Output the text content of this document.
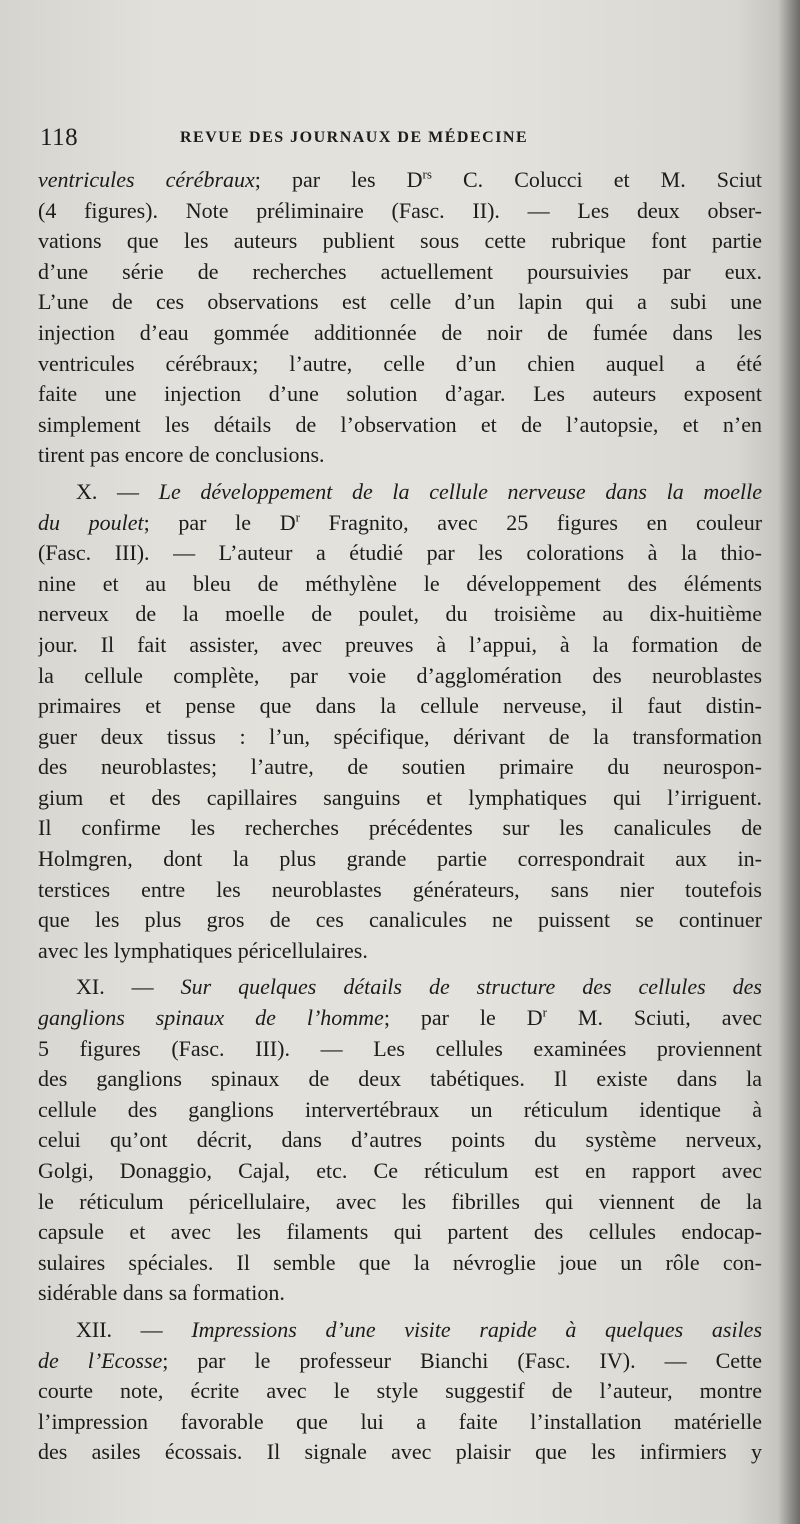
118	REVUE DES JOURNAUX DE MÉDECINE
ventricules cérébraux; par les $D^{rs}$ C. Colucci et M. Sciut
(4 figures). Note préliminaire (Fasc. II). — Les deux obser-
vations que les auteurs publient sous cette rubrique font partie
d’une série de recherches actuellement poursuivies par eux.
L’une de ces observations est celle d’un lapin qui a subi une
injection d’eau gommée additionnée de noir de fumée dans les
ventricules cérébraux; l’autre, celle d’un chien auquel a été
faite une injection d’une solution d’agar. Les auteurs exposent
simplement les détails de l’observation et de l’autopsie, et n’en
tirent pas encore de conclusions.
X. — Le développement de la cellule nerveuse dans la moelle
du poulet; par le $D^r$ Fragnito, avec 25 figures en couleur
(Fasc. III). — L’auteur a étudié par les colorations à la thio-
nine et au bleu de méthylène le développement des éléments
nerveux de la moelle de poulet, du troisième au dix-huitième
jour. Il fait assister, avec preuves à l’appui, à la formation de
la cellule complète, par voie d’agglomération des neuroblastes
primaires et pense que dans la cellule nerveuse, il faut distin-
guer deux tissus : l’un, spécifique, dérivant de la transformation
des neuroblastes; l’autre, de soutien primaire du neurospon-
gium et des capillaires sanguins et lymphatiques qui l’irriguent.
Il confirme les recherches précédentes sur les canalicules de
Holmgren, dont la plus grande partie correspondrait aux in-
terstices entre les neuroblastes générateurs, sans nier toutefois
que les plus gros de ces canalicules ne puissent se continuer
avec les lymphatiques péricellulaires.
XI. — Sur quelques détails de structure des cellules des
ganglions spinaux de l’homme; par le $D^r$ M. Sciuti, avec
5 figures (Fasc. III). — Les cellules examinées proviennent
des ganglions spinaux de deux tabétiques. Il existe dans la
cellule des ganglions intervertébraux un réticulum identique à
celui qu’ont décrit, dans d’autres points du système nerveux,
Golgi, Donaggio, Cajal, etc. Ce réticulum est en rapport avec
le réticulum péricellulaire, avec les fibrilles qui viennent de la
capsule et avec les filaments qui partent des cellules endocap-
sulaires spéciales. Il semble que la névroglie joue un rôle con-
sidérable dans sa formation.
XII. — Impressions d’une visite rapide à quelques asiles
de l’Ecosse; par le professeur Bianchi (Fasc. IV). — Cette
courte note, écrite avec le style suggestif de l’auteur, montre
l’impression favorable que lui a faite l’installation matérielle
des asiles écossais. Il signale avec plaisir que les infirmiers y
